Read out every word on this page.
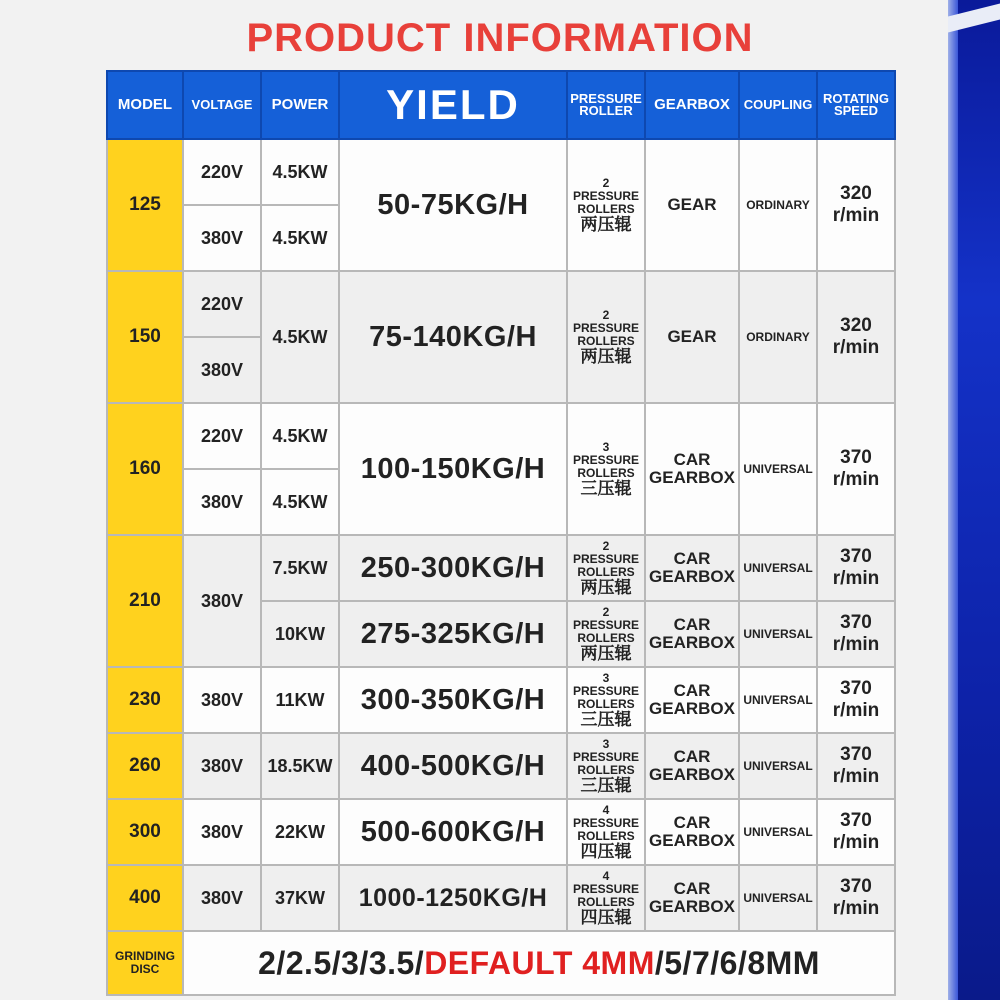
PRODUCT INFORMATION
MODEL	VOLTAGE	POWER	YIELD	PRESSURE
ROLLER	GEARBOX	COUPLING	ROTATING
SPEED
125	220V	4.5KW	50-75KG/H	2
PRESSURE
ROLLERS
两压辊	GEAR	ORDINARY	320
r/min
	380V	4.5KW					
150	220V	4.5KW	75-140KG/H	2
PRESSURE
ROLLERS
两压辊	GEAR	ORDINARY	320
r/min
	380V						
160	220V	4.5KW	100-150KG/H	3
PRESSURE
ROLLERS
三压辊	CAR
GEARBOX	UNIVERSAL	370
r/min
	380V	4.5KW					
210	380V	7.5KW	250-300KG/H	2
PRESSURE
ROLLERS
两压辊	CAR
GEARBOX	UNIVERSAL	370
r/min
		10KW	275-325KG/H	2
PRESSURE
ROLLERS
两压辊	CAR
GEARBOX	UNIVERSAL	370
r/min
230	380V	11KW	300-350KG/H	3
PRESSURE
ROLLERS
三压辊	CAR
GEARBOX	UNIVERSAL	370
r/min
260	380V	18.5KW	400-500KG/H	3
PRESSURE
ROLLERS
三压辊	CAR
GEARBOX	UNIVERSAL	370
r/min
300	380V	22KW	500-600KG/H	4
PRESSURE
ROLLERS
四压辊	CAR
GEARBOX	UNIVERSAL	370
r/min
400	380V	37KW	1000-1250KG/H	4
PRESSURE
ROLLERS
四压辊	CAR
GEARBOX	UNIVERSAL	370
r/min
GRINDING
DISC	2/2.5/3/3.5/DEFAULT 4MM/5/7/6/8MM						
